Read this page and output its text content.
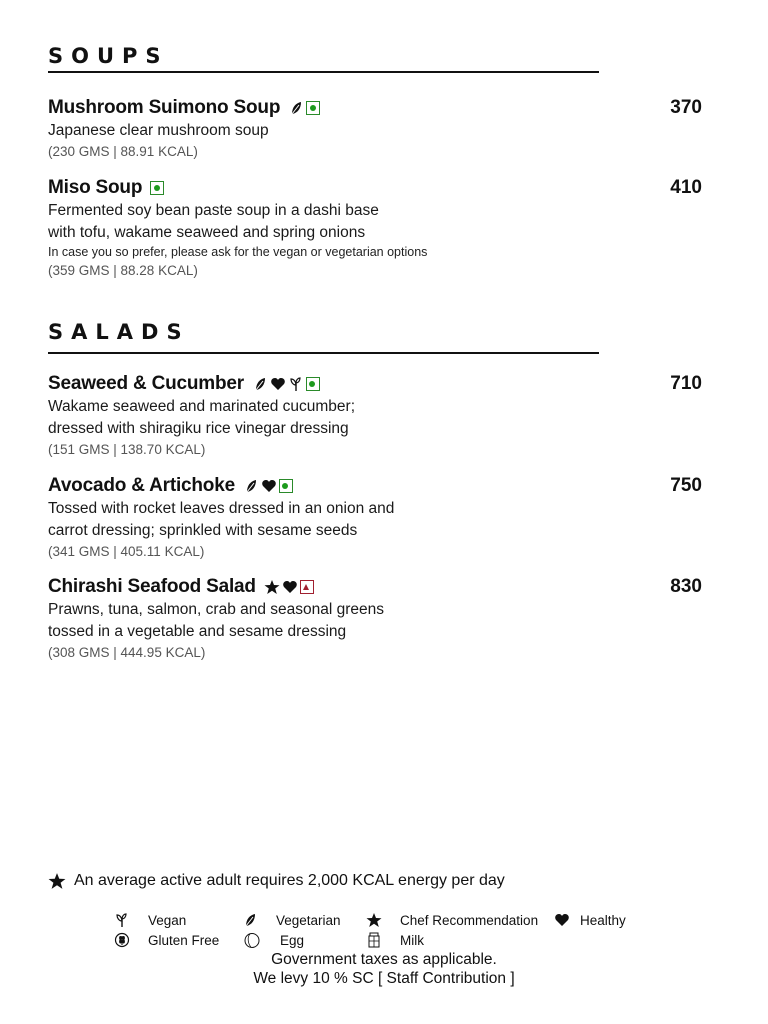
SOUPS
Mushroom Suimono Soup	370
Japanese clear mushroom soup
(230 GMS | 88.91 KCAL)
Miso Soup	410
Fermented soy bean paste soup in a dashi base
with tofu, wakame seaweed and spring onions
In case you so prefer, please ask for the vegan or vegetarian options
(359 GMS | 88.28 KCAL)
SALADS
Seaweed & Cucumber	710
Wakame seaweed and marinated cucumber;
dressed with shiragiku rice vinegar dressing
(151 GMS | 138.70 KCAL)
Avocado & Artichoke	750
Tossed with rocket leaves dressed in an onion and
carrot dressing; sprinkled with sesame seeds
(341 GMS | 405.11 KCAL)
Chirashi Seafood Salad	830
Prawns, tuna, salmon, crab and seasonal greens
tossed in a vegetable and sesame dressing
(308 GMS | 444.95 KCAL)
An average active adult requires 2,000 KCAL energy per day
Vegan	Vegetarian	Chef Recommendation	Healthy
Gluten Free	Egg	Milk
Government taxes as applicable.
We levy 10 % SC [ Staff Contribution ]
